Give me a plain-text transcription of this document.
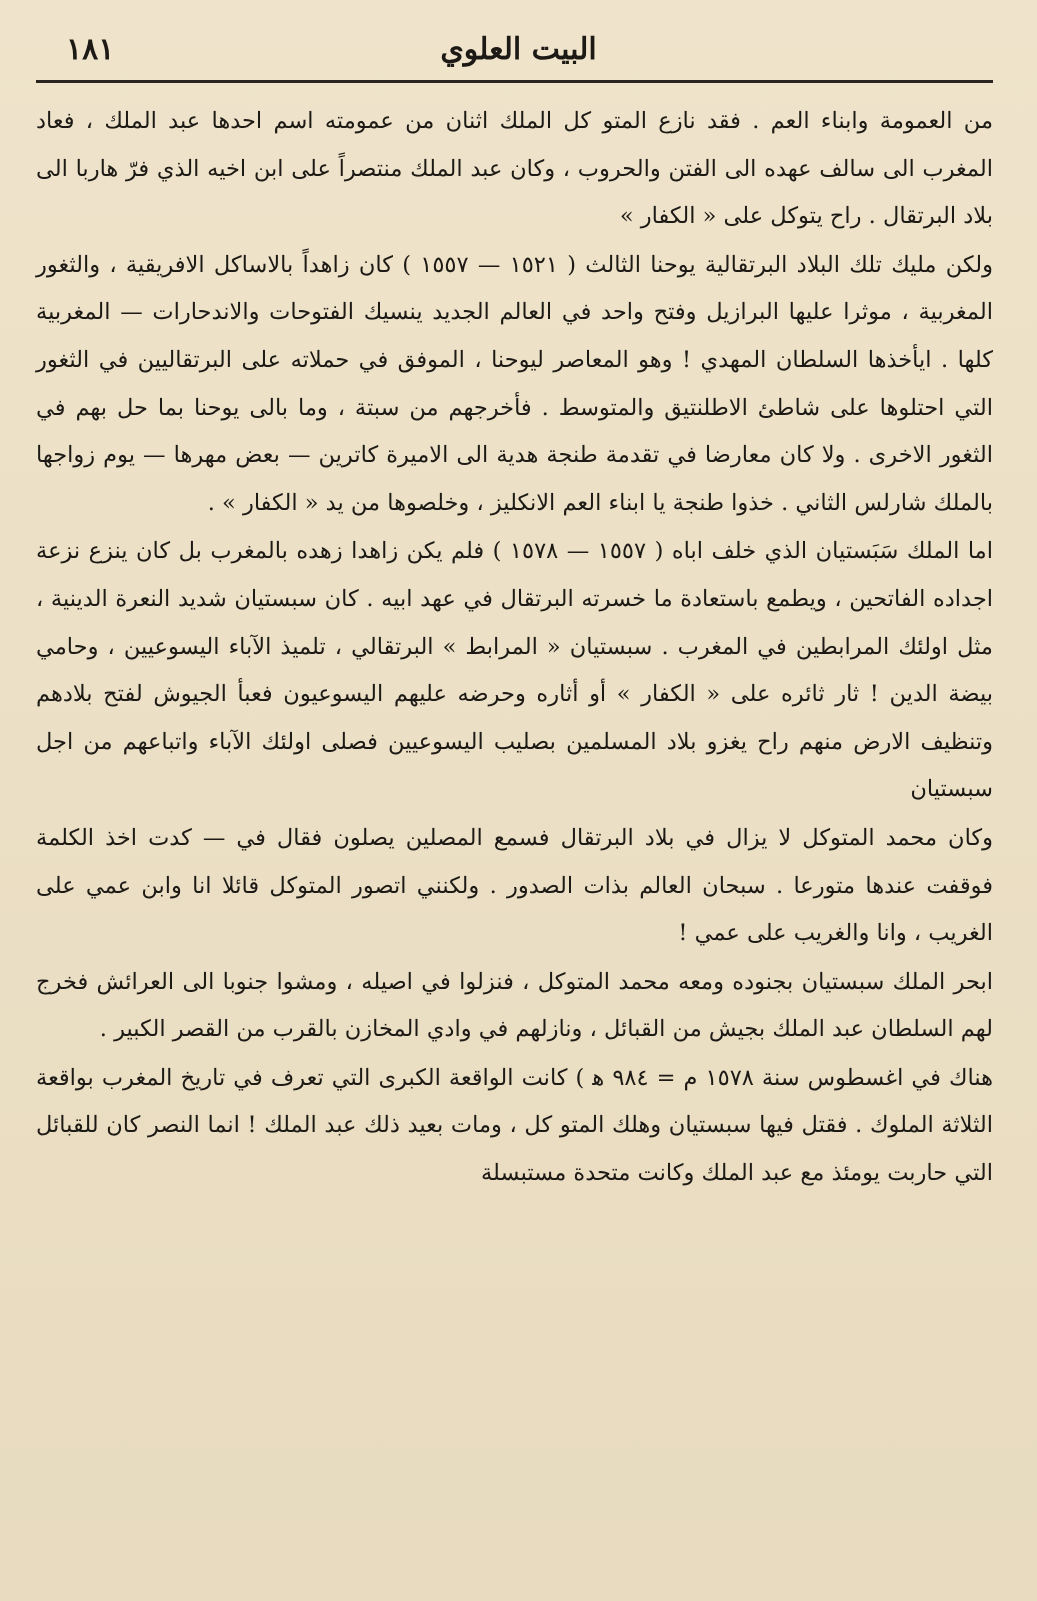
١٨١	البيت العلوي

من العمومة وابناء العم . فقد نازع المتو كل الملك اثنان من عمومته اسم احدها عبد الملك ، فعاد المغرب الى سالف عهده الى الفتن والحروب ، وكان عبد الملك منتصراً على ابن اخيه الذي فرّ هاربا الى بلاد البرتقال . راح يتوكل على « الكفار »

ولكن مليك تلك البلاد البرتقالية يوحنا الثالث ( ١٥٢١ — ١٥٥٧ ) كان زاهداً بالاساكل الافريقية ، والثغور المغربية ، موثرا عليها البرازيل وفتح واحد في العالم الجديد ينسيك الفتوحات والاندحارات — المغربية كلها . ايأخذها السلطان المهدي ! وهو المعاصر ليوحنا ، الموفق في حملاته على البرتقاليين في الثغور التي احتلوها على شاطئ الاطلنتيق والمتوسط . فأخرجهم من سبتة ، وما بالى يوحنا بما حل بهم في الثغور الاخرى . ولا كان معارضا في تقدمة طنجة هدية الى الاميرة كاترين — بعض مهرها — يوم زواجها بالملك شارلس الثاني . خذوا طنجة يا ابناء العم الانكليز ، وخلصوها من يد « الكفار » .

اما الملك سَبَستيان الذي خلف اباه ( ١٥٥٧ — ١٥٧٨ ) فلم يكن زاهدا زهده بالمغرب بل كان ينزع نزعة اجداده الفاتحين ، ويطمع باستعادة ما خسرته البرتقال في عهد ابيه . كان سبستيان شديد النعرة الدينية ، مثل اولئك المرابطين في المغرب . سبستيان « المرابط » البرتقالي ، تلميذ الآباء اليسوعيين ، وحامي بيضة الدين ! ثار ثائره على « الكفار » أو أثاره وحرضه عليهم اليسوعيون فعبأ الجيوش لفتح بلادهم وتنظيف الارض منهم راح يغزو بلاد المسلمين بصليب اليسوعيين فصلى اولئك الآباء واتباعهم من اجل سبستيان

وكان محمد المتوكل لا يزال في بلاد البرتقال فسمع المصلين يصلون فقال في — كدت اخذ الكلمة فوقفت عندها متورعا . سبحان العالم بذات الصدور . ولكنني اتصور المتوكل قائلا انا وابن عمي على الغريب ، وانا والغريب على عمي !

ابحر الملك سبستيان بجنوده ومعه محمد المتوكل ، فنزلوا في اصيله ، ومشوا جنوبا الى العرائش فخرج لهم السلطان عبد الملك بجيش من القبائل ، ونازلهم في وادي المخازن بالقرب من القصر الكبير .

هناك في اغسطوس سنة ١٥٧٨ م = ٩٨٤ ﻫ ) كانت الواقعة الكبرى التي تعرف في تاريخ المغرب بواقعة الثلاثة الملوك . فقتل فيها سبستيان وهلك المتو كل ، ومات بعيد ذلك عبد الملك ! انما النصر كان للقبائل التي حاربت يومئذ مع عبد الملك وكانت متحدة مستبسلة
